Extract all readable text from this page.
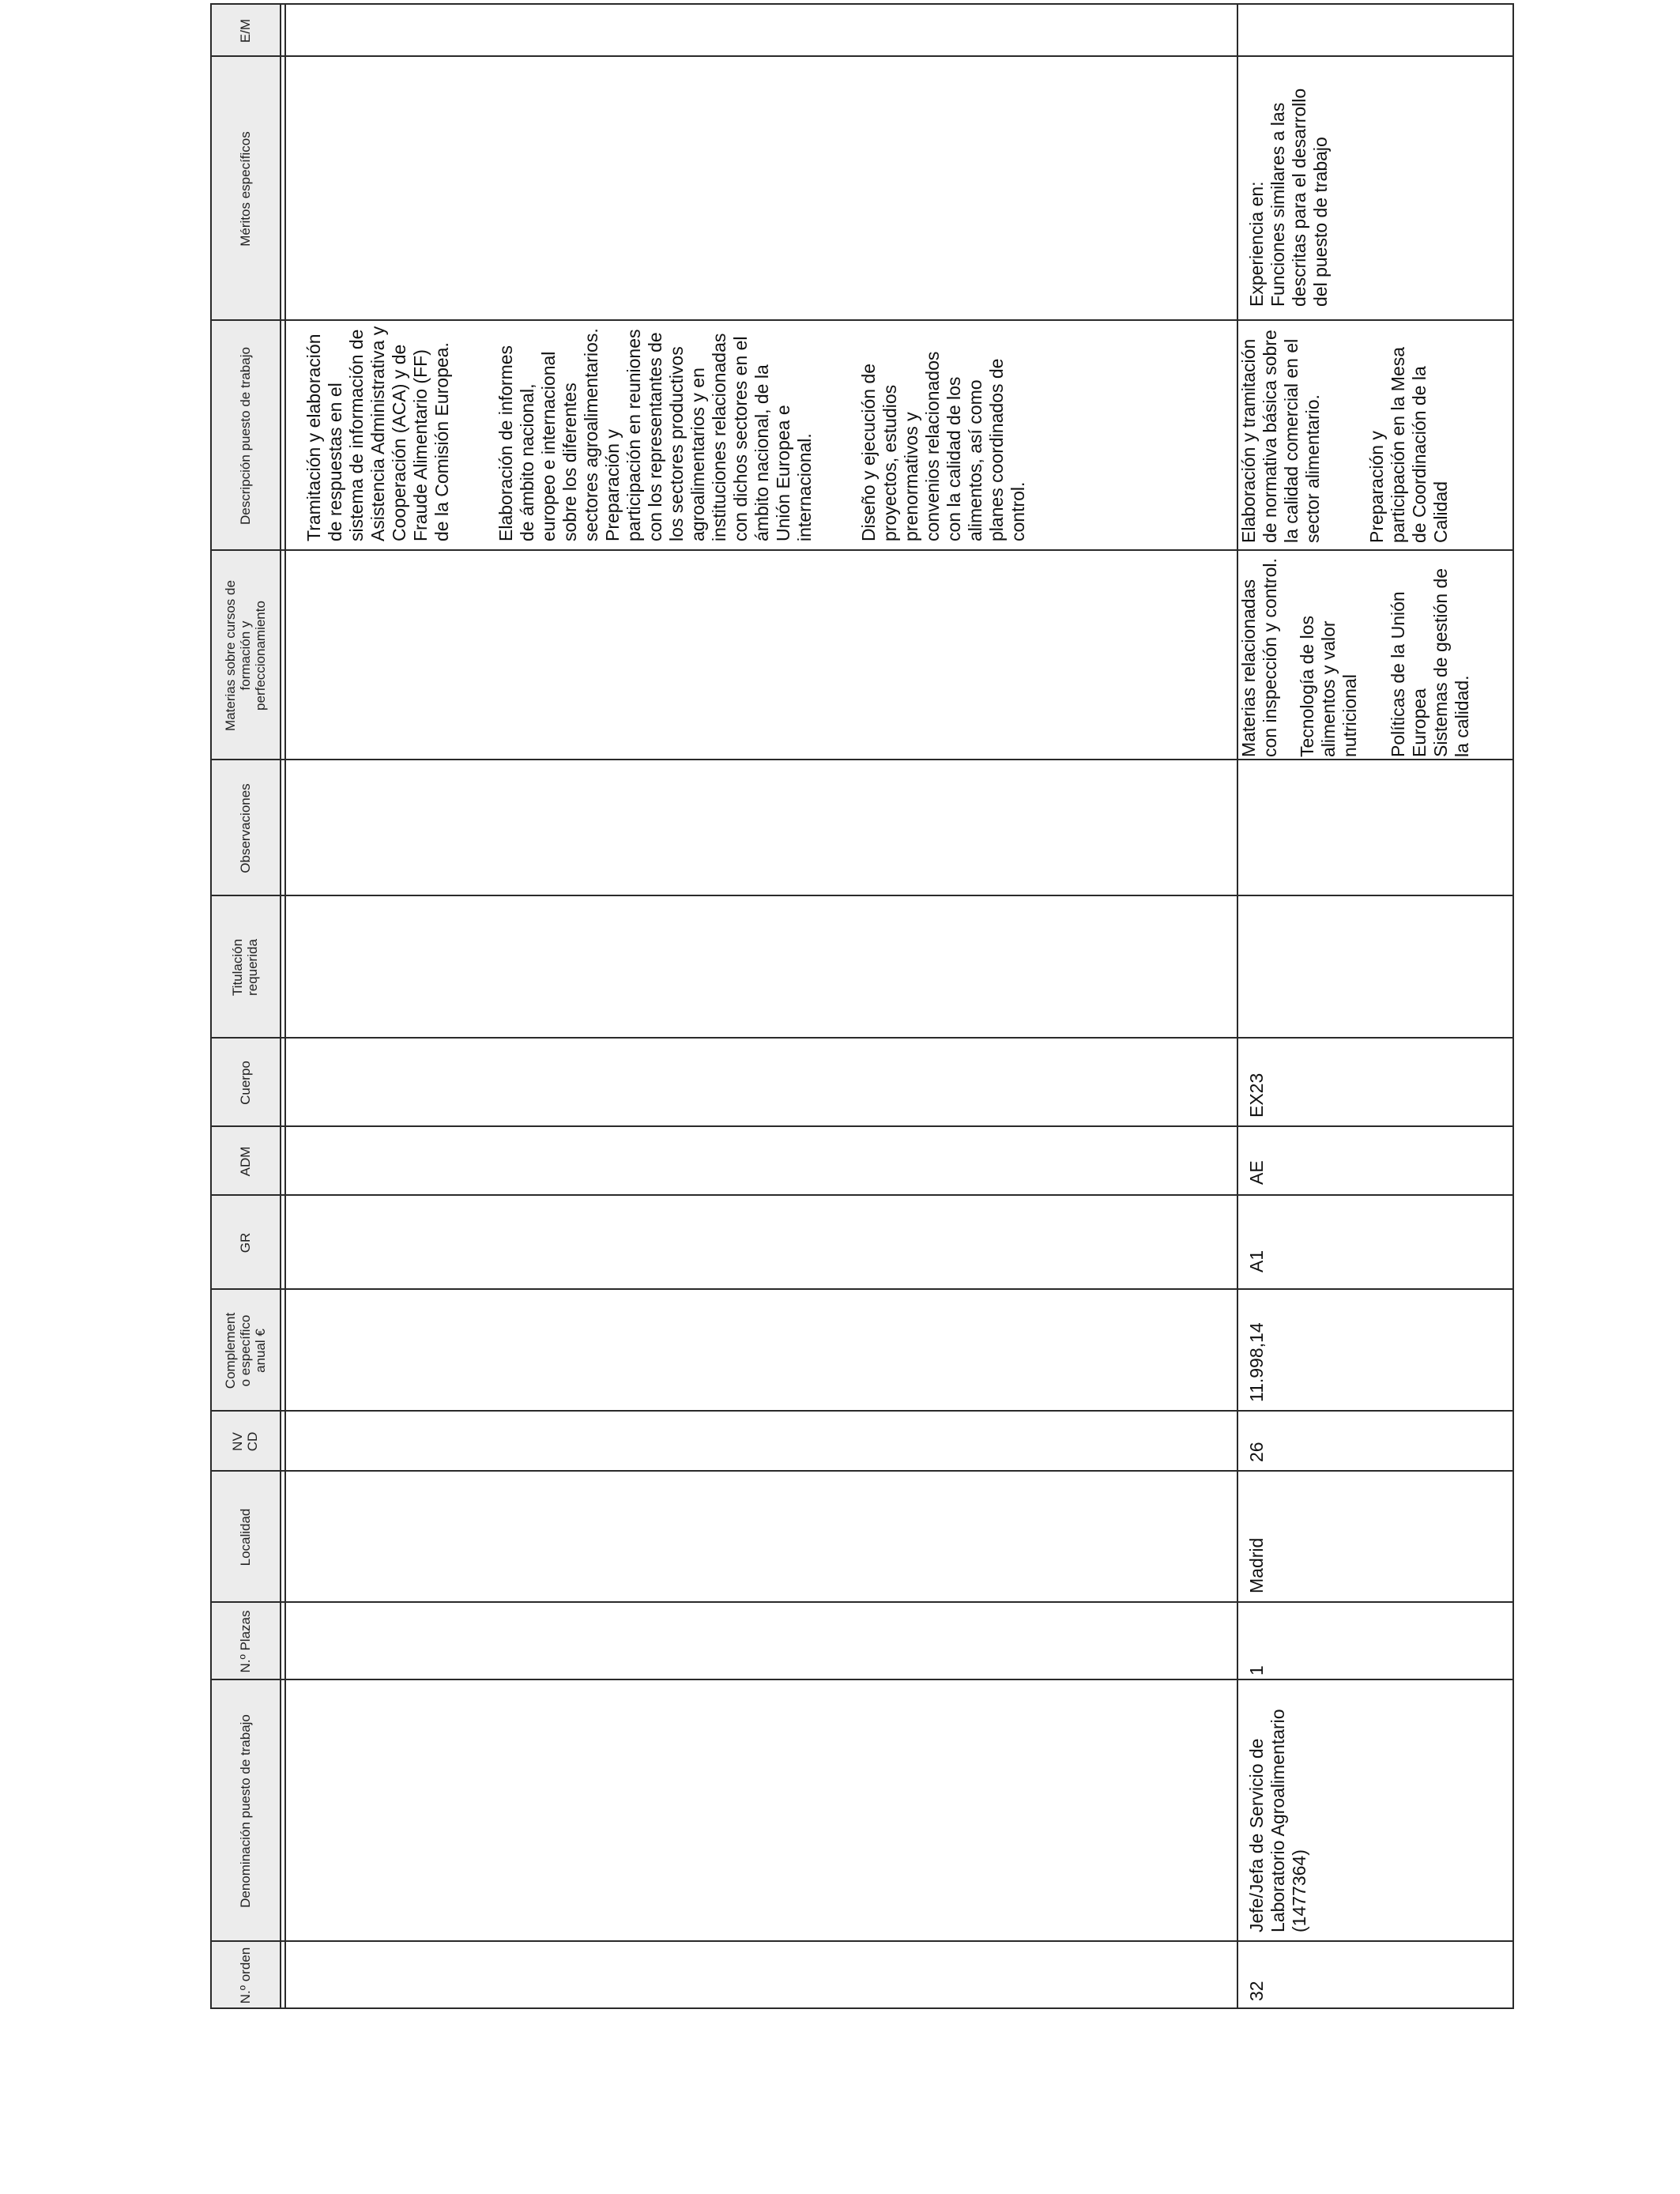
N.º orden
Denominación puesto de trabajo
N.º Plazas
Localidad
NV CD
Complement o específico anual €
GR
ADM
Cuerpo
Titulación requerida
Observaciones
Materias sobre cursos de formación y perfeccionamiento
Descripción puesto de trabajo
Méritos específicos
E/M

Tramitación y elaboración de respuestas en el sistema de información de Asistencia Administrativa y Cooperación (ACA) y de Fraude Alimentario (FF) de la Comisión Europea. Elaboración de informes de ámbito nacional, europeo e internacional sobre los diferentes sectores agroalimentarios.
Preparación y participación en reuniones con los representantes de los sectores productivos agroalimentarios y en instituciones relacionadas con dichos sectores en el ámbito nacional, de la Unión Europea e internacional. Diseño y ejecución de proyectos, estudios prenormativos y convenios relacionados con la calidad de los alimentos, así como planes coordinados de control.

32
Jefe/Jefa de Servicio de Laboratorio Agroalimentario (1477364)
1
Madrid
26
11.998,14
A1
AE
EX23

Materias relacionadas con inspección y control. Tecnología de los alimentos y valor nutricional Políticas de la Unión Europea
Sistemas de gestión de la calidad.

Elaboración y tramitación de normativa básica sobre la calidad comercial en el sector alimentario. Preparación y participación en la Mesa de Coordinación de la Calidad

Experiencia en:
Funciones similares a las descritas para el desarrollo del puesto de trabajo
